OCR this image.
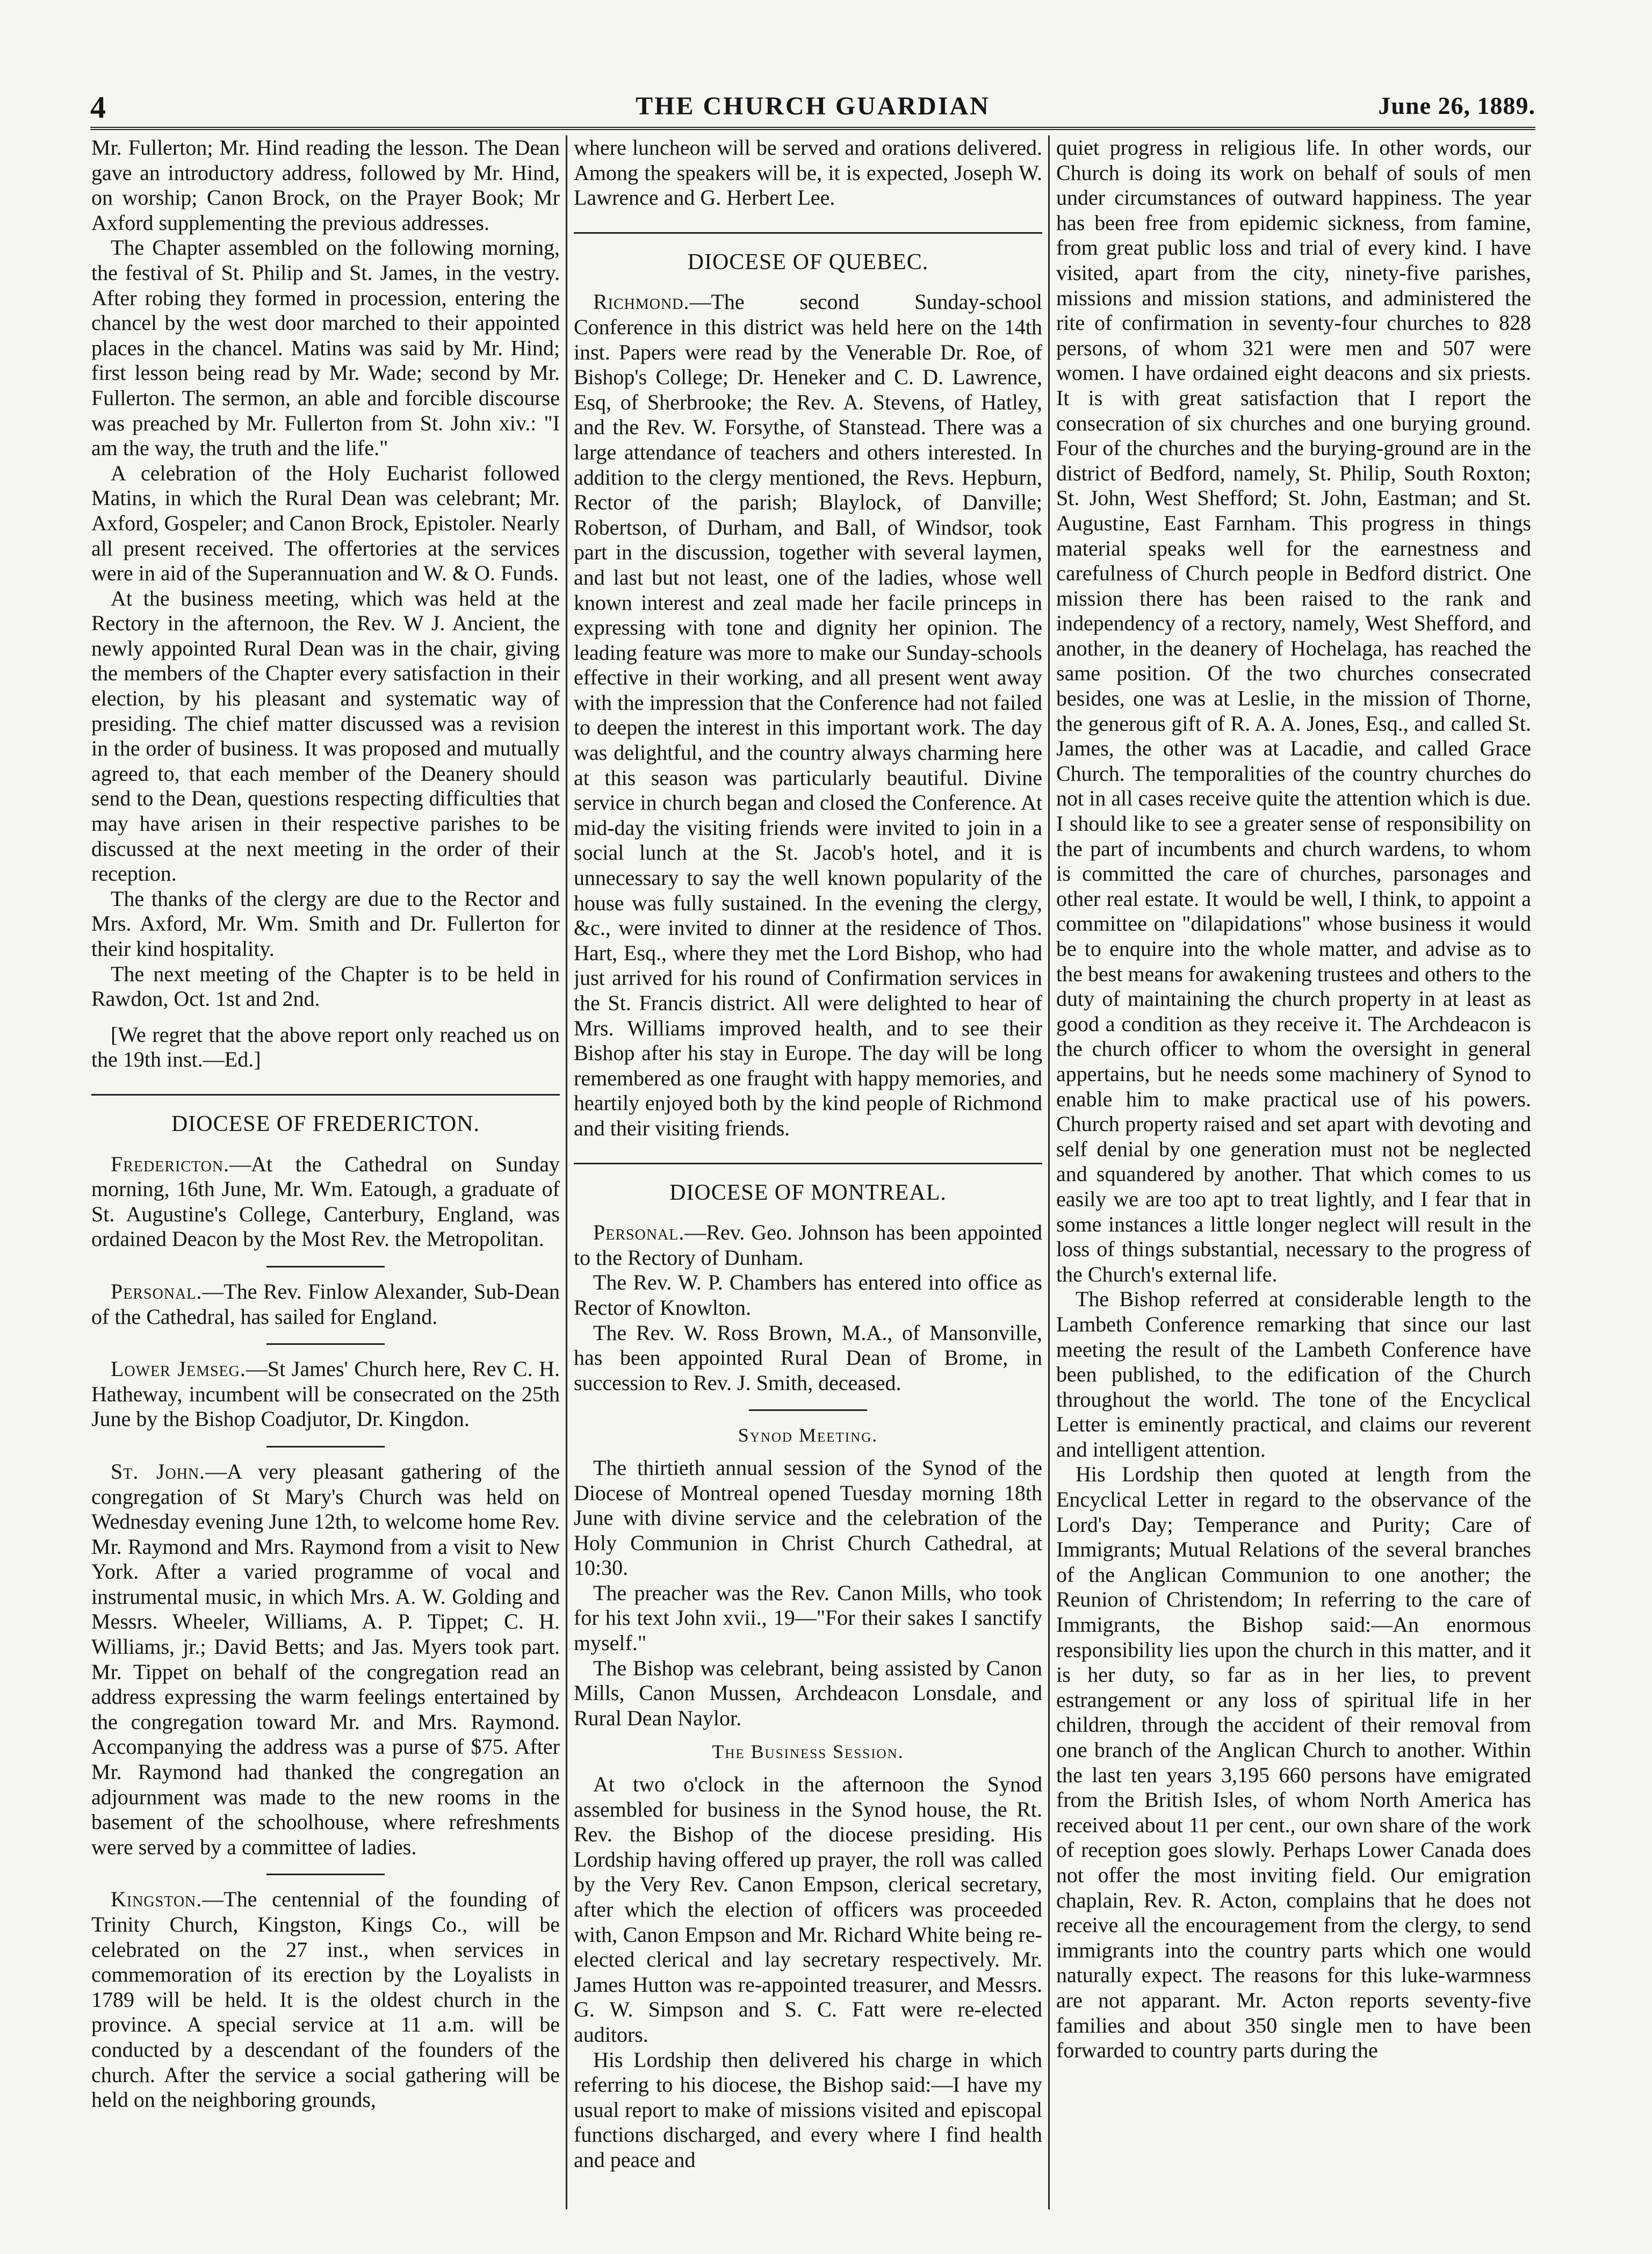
4	THE CHURCH GUARDIAN	June 26, 1889.

Mr. Fullerton; Mr. Hind reading the lesson. The Dean gave an introductory address, followed by Mr. Hind, on worship; Canon Brock, on the Prayer Book; Mr Axford supplementing the previous addresses.

The Chapter assembled on the following morning, the festival of St. Philip and St. James, in the vestry. After robing they formed in procession, entering the chancel by the west door marched to their appointed places in the chancel. Matins was said by Mr. Hind; first lesson being read by Mr. Wade; second by Mr. Fullerton. The sermon, an able and forcible discourse was preached by Mr. Fullerton from St. John xiv.: "I am the way, the truth and the life."

A celebration of the Holy Eucharist followed Matins, in which the Rural Dean was celebrant; Mr. Axford, Gospeler; and Canon Brock, Epistoler. Nearly all present received. The offertories at the services were in aid of the Superannuation and W. & O. Funds.

At the business meeting, which was held at the Rectory in the afternoon, the Rev. W J. Ancient, the newly appointed Rural Dean was in the chair, giving the members of the Chapter every satisfaction in their election, by his pleasant and systematic way of presiding. The chief matter discussed was a revision in the order of business. It was proposed and mutually agreed to, that each member of the Deanery should send to the Dean, questions respecting difficulties that may have arisen in their respective parishes to be discussed at the next meeting in the order of their reception.

The thanks of the clergy are due to the Rector and Mrs. Axford, Mr. Wm. Smith and Dr. Fullerton for their kind hospitality.

The next meeting of the Chapter is to be held in Rawdon, Oct. 1st and 2nd.

[We regret that the above report only reached us on the 19th inst.—Ed.]

DIOCESE OF FREDERICTON.

Fredericton.—At the Cathedral on Sunday morning, 16th June, Mr. Wm. Eatough, a graduate of St. Augustine's College, Canterbury, England, was ordained Deacon by the Most Rev. the Metropolitan.

Personal.—The Rev. Finlow Alexander, Sub-Dean of the Cathedral, has sailed for England.

Lower Jemseg.—St James' Church here, Rev C. H. Hatheway, incumbent will be consecrated on the 25th June by the Bishop Coadjutor, Dr. Kingdon.

St. John.—A very pleasant gathering of the congregation of St Mary's Church was held on Wednesday evening June 12th, to welcome home Rev. Mr. Raymond and Mrs. Raymond from a visit to New York. After a varied programme of vocal and instrumental music, in which Mrs. A. W. Golding and Messrs. Wheeler, Williams, A. P. Tippet; C. H. Williams, jr.; David Betts; and Jas. Myers took part. Mr. Tippet on behalf of the congregation read an address expressing the warm feelings entertained by the congregation toward Mr. and Mrs. Raymond. Accompanying the address was a purse of $75. After Mr. Raymond had thanked the congregation an adjournment was made to the new rooms in the basement of the schoolhouse, where refreshments were served by a committee of ladies.

Kingston.—The centennial of the founding of Trinity Church, Kingston, Kings Co., will be celebrated on the 27 inst., when services in commemoration of its erection by the Loyalists in 1789 will be held. It is the oldest church in the province. A special service at 11 a.m. will be conducted by a descendant of the founders of the church. After the service a social gathering will be held on the neighboring grounds,

where luncheon will be served and orations delivered. Among the speakers will be, it is expected, Joseph W. Lawrence and G. Herbert Lee.

DIOCESE OF QUEBEC.

Richmond.—The second Sunday-school Conference in this district was held here on the 14th inst. Papers were read by the Venerable Dr. Roe, of Bishop's College; Dr. Heneker and C. D. Lawrence, Esq, of Sherbrooke; the Rev. A. Stevens, of Hatley, and the Rev. W. Forsythe, of Stanstead. There was a large attendance of teachers and others interested. In addition to the clergy mentioned, the Revs. Hepburn, Rector of the parish; Blaylock, of Danville; Robertson, of Durham, and Ball, of Windsor, took part in the discussion, together with several laymen, and last but not least, one of the ladies, whose well known interest and zeal made her facile princeps in expressing with tone and dignity her opinion. The leading feature was more to make our Sunday-schools effective in their working, and all present went away with the impression that the Conference had not failed to deepen the interest in this important work. The day was delightful, and the country always charming here at this season was particularly beautiful. Divine service in church began and closed the Conference. At mid-day the visiting friends were invited to join in a social lunch at the St. Jacob's hotel, and it is unnecessary to say the well known popularity of the house was fully sustained. In the evening the clergy, &c., were invited to dinner at the residence of Thos. Hart, Esq., where they met the Lord Bishop, who had just arrived for his round of Confirmation services in the St. Francis district. All were delighted to hear of Mrs. Williams improved health, and to see their Bishop after his stay in Europe. The day will be long remembered as one fraught with happy memories, and heartily enjoyed both by the kind people of Richmond and their visiting friends.

DIOCESE OF MONTREAL.

Personal.—Rev. Geo. Johnson has been appointed to the Rectory of Dunham.

The Rev. W. P. Chambers has entered into office as Rector of Knowlton.

The Rev. W. Ross Brown, M.A., of Mansonville, has been appointed Rural Dean of Brome, in succession to Rev. J. Smith, deceased.

Synod Meeting.

The thirtieth annual session of the Synod of the Diocese of Montreal opened Tuesday morning 18th June with divine service and the celebration of the Holy Communion in Christ Church Cathedral, at 10:30.

The preacher was the Rev. Canon Mills, who took for his text John xvii., 19—"For their sakes I sanctify myself."

The Bishop was celebrant, being assisted by Canon Mills, Canon Mussen, Archdeacon Lonsdale, and Rural Dean Naylor.

The Business Session.

At two o'clock in the afternoon the Synod assembled for business in the Synod house, the Rt. Rev. the Bishop of the diocese presiding. His Lordship having offered up prayer, the roll was called by the Very Rev. Canon Empson, clerical secretary, after which the election of officers was proceeded with, Canon Empson and Mr. Richard White being re-elected clerical and lay secretary respectively. Mr. James Hutton was re-appointed treasurer, and Messrs. G. W. Simpson and S. C. Fatt were re-elected auditors.

His Lordship then delivered his charge in which referring to his diocese, the Bishop said:—I have my usual report to make of missions visited and episcopal functions discharged, and every where I find health and peace and

quiet progress in religious life. In other words, our Church is doing its work on behalf of souls of men under circumstances of outward happiness. The year has been free from epidemic sickness, from famine, from great public loss and trial of every kind. I have visited, apart from the city, ninety-five parishes, missions and mission stations, and administered the rite of confirmation in seventy-four churches to 828 persons, of whom 321 were men and 507 were women. I have ordained eight deacons and six priests. It is with great satisfaction that I report the consecration of six churches and one burying ground. Four of the churches and the burying-ground are in the district of Bedford, namely, St. Philip, South Roxton; St. John, West Shefford; St. John, Eastman; and St. Augustine, East Farnham. This progress in things material speaks well for the earnestness and carefulness of Church people in Bedford district. One mission there has been raised to the rank and independency of a rectory, namely, West Shefford, and another, in the deanery of Hochelaga, has reached the same position. Of the two churches consecrated besides, one was at Leslie, in the mission of Thorne, the generous gift of R. A. A. Jones, Esq., and called St. James, the other was at Lacadie, and called Grace Church. The temporalities of the country churches do not in all cases receive quite the attention which is due. I should like to see a greater sense of responsibility on the part of incumbents and church wardens, to whom is committed the care of churches, parsonages and other real estate. It would be well, I think, to appoint a committee on "dilapidations" whose business it would be to enquire into the whole matter, and advise as to the best means for awakening trustees and others to the duty of maintaining the church property in at least as good a condition as they receive it. The Archdeacon is the church officer to whom the oversight in general appertains, but he needs some machinery of Synod to enable him to make practical use of his powers. Church property raised and set apart with devoting and self denial by one generation must not be neglected and squandered by another. That which comes to us easily we are too apt to treat lightly, and I fear that in some instances a little longer neglect will result in the loss of things substantial, necessary to the progress of the Church's external life.

The Bishop referred at considerable length to the Lambeth Conference remarking that since our last meeting the result of the Lambeth Conference have been published, to the edification of the Church throughout the world. The tone of the Encyclical Letter is eminently practical, and claims our reverent and intelligent attention.

His Lordship then quoted at length from the Encyclical Letter in regard to the observance of the Lord's Day; Temperance and Purity; Care of Immigrants; Mutual Relations of the several branches of the Anglican Communion to one another; the Reunion of Christendom; In referring to the care of Immigrants, the Bishop said:—An enormous responsibility lies upon the church in this matter, and it is her duty, so far as in her lies, to prevent estrangement or any loss of spiritual life in her children, through the accident of their removal from one branch of the Anglican Church to another. Within the last ten years 3,195 660 persons have emigrated from the British Isles, of whom North America has received about 11 per cent., our own share of the work of reception goes slowly. Perhaps Lower Canada does not offer the most inviting field. Our emigration chaplain, Rev. R. Acton, complains that he does not receive all the encouragement from the clergy, to send immigrants into the country parts which one would naturally expect. The reasons for this luke-warmness are not apparant. Mr. Acton reports seventy-five families and about 350 single men to have been forwarded to country parts during the
